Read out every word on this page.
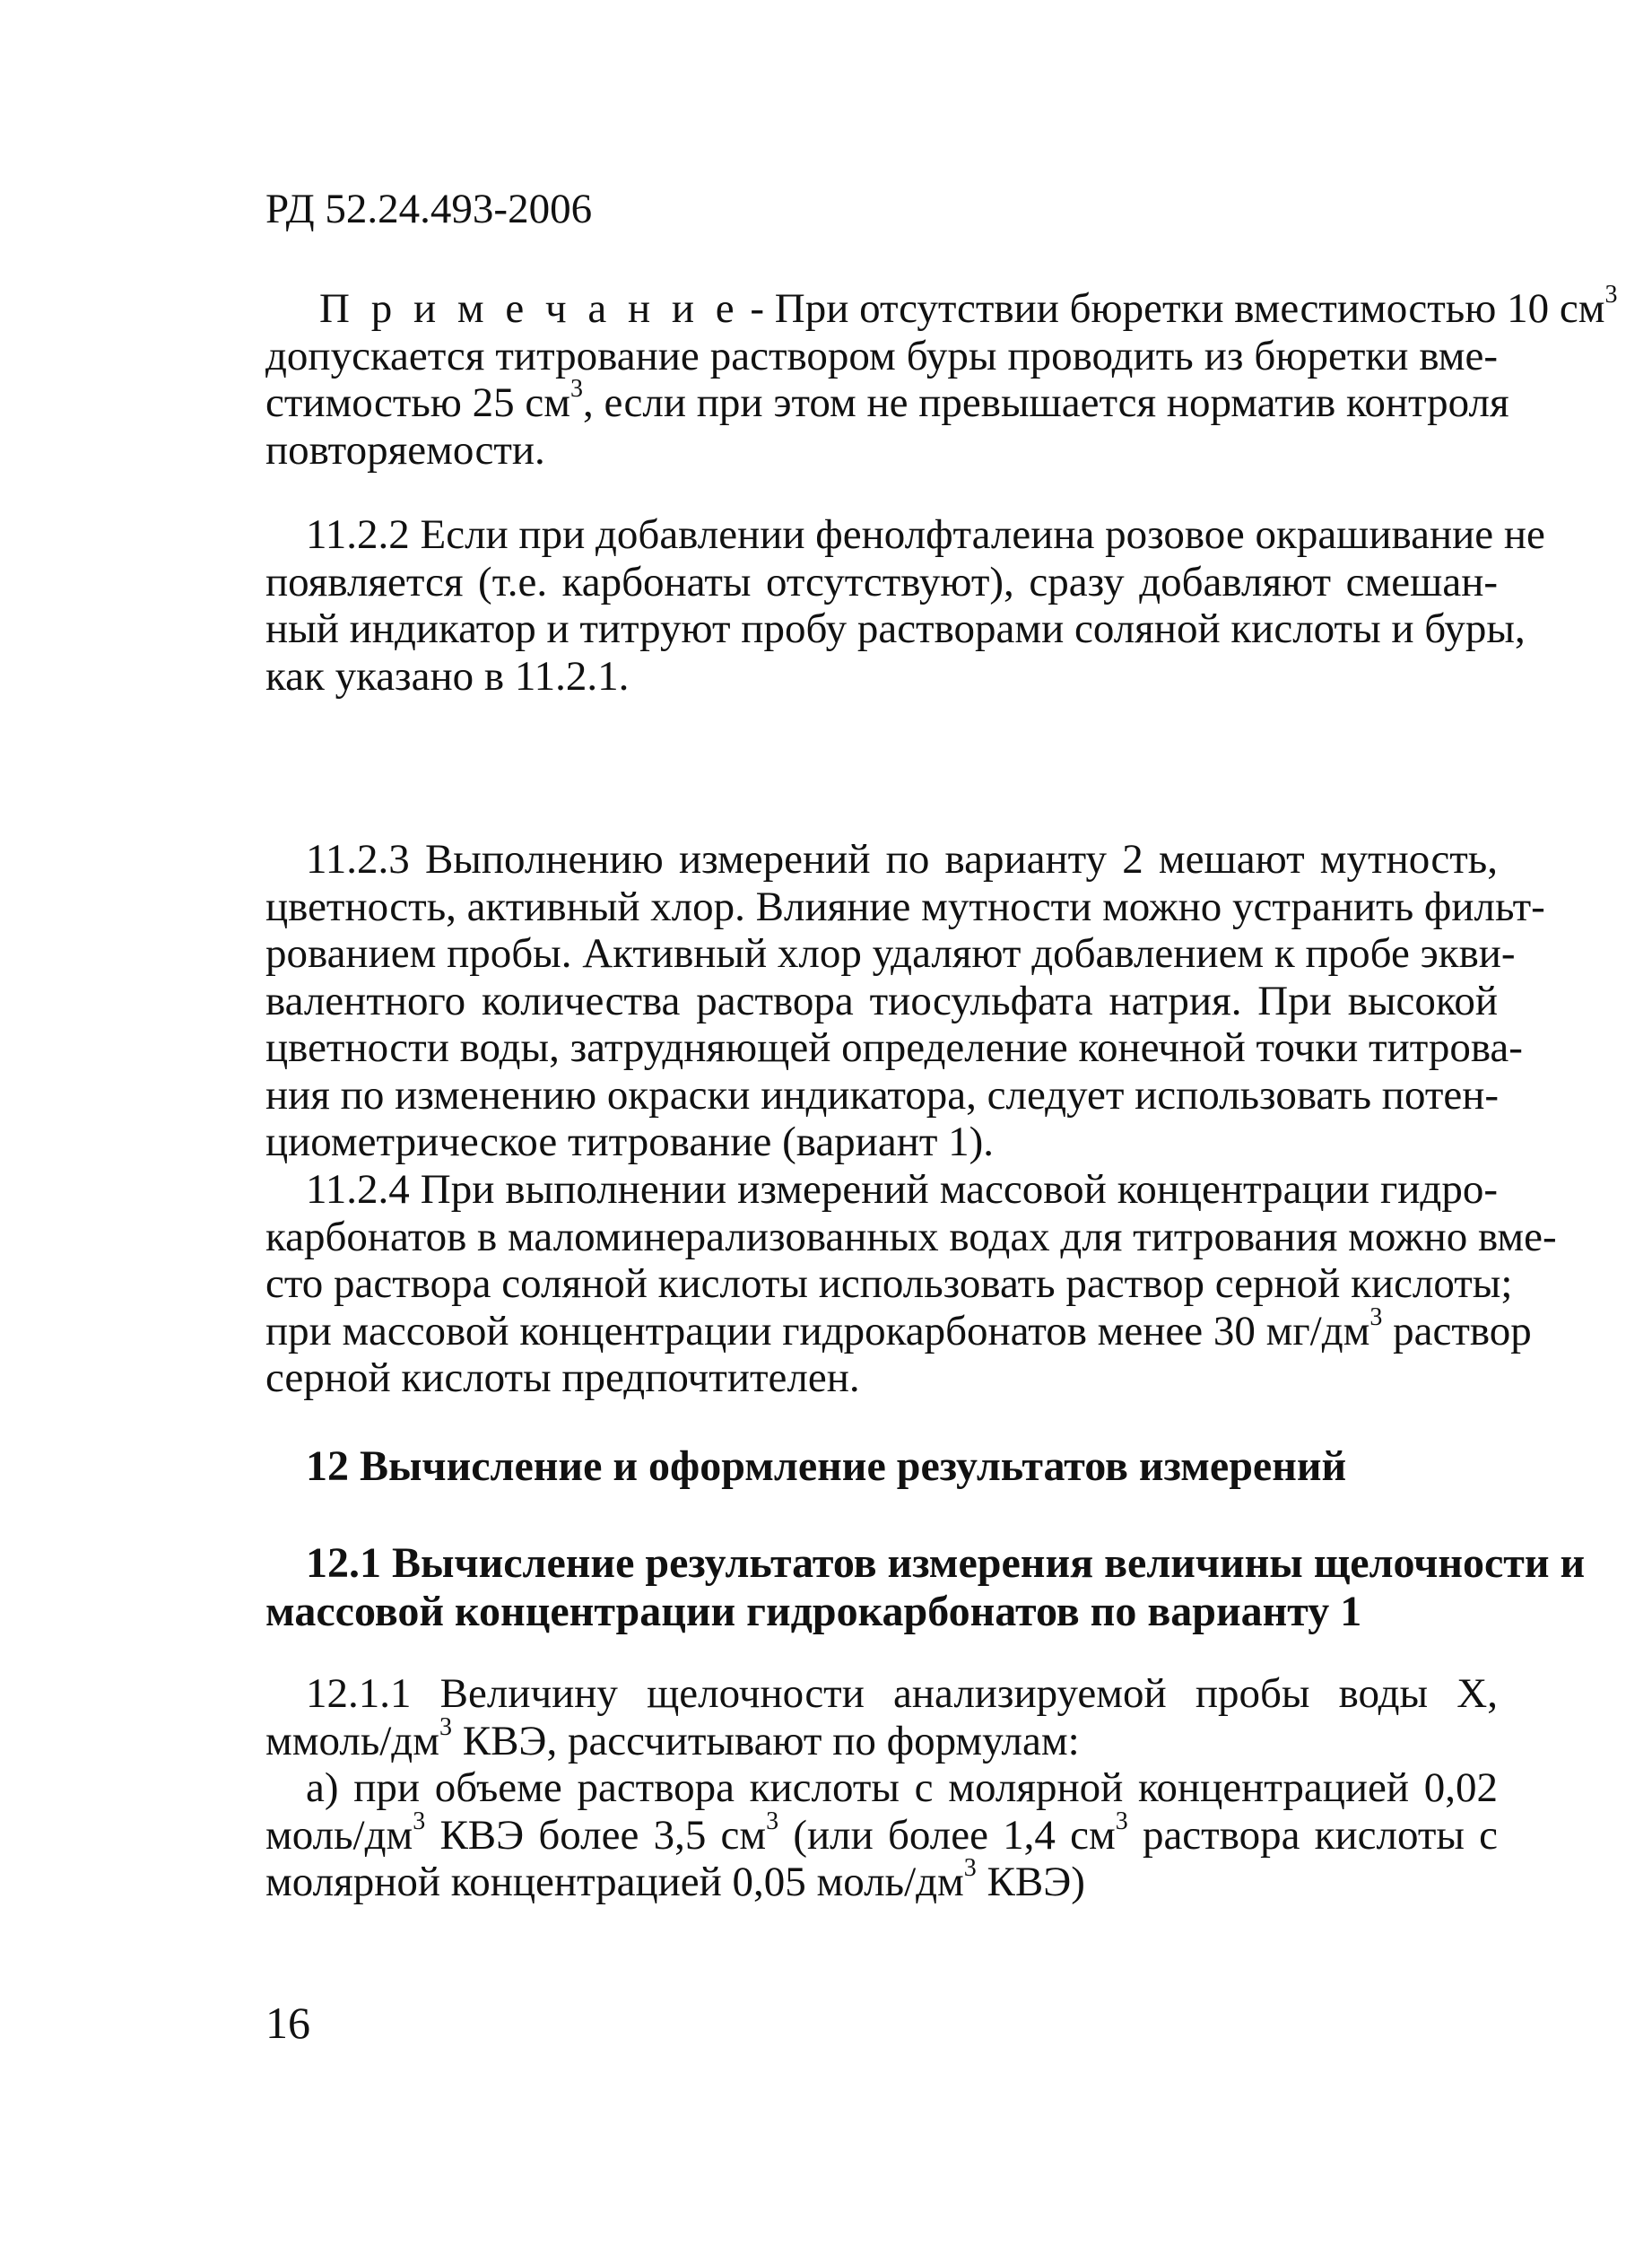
РД 52.24.493-2006

П р и м е ч а н и е - При отсутствии бюретки вместимостью 10 $см^3$
допускается титрование раствором буры проводить из бюретки вме-
стимостью 25 $см^3$, если при этом не превышается норматив контроля
повторяемости.
11.2.2 Если при добавлении фенолфталеина розовое окрашивание не
появляется (т.е. карбонаты отсутствуют), сразу добавляют смешан-
ный индикатор и титруют пробу растворами соляной кислоты и буры,
как указано в 11.2.1.
11.2.3 Выполнению измерений по варианту 2 мешают мутность,
цветность, активный хлор. Влияние мутности можно устранить фильт-
рованием пробы. Активный хлор удаляют добавлением к пробе экви-
валентного количества раствора тиосульфата натрия. При высокой
цветности воды, затрудняющей определение конечной точки титрова-
ния по изменению окраски индикатора, следует использовать потен-
циометрическое титрование (вариант 1).
11.2.4 При выполнении измерений массовой концентрации гидро-
карбонатов в маломинерализованных водах для титрования можно вме-
сто раствора соляной кислоты использовать раствор серной кислоты;
при массовой концентрации гидрокарбонатов менее 30 $мг/дм^3$ раствор
серной кислоты предпочтителен.

12 Вычисление и оформление результатов измерений

12.1 Вычисление результатов измерения величины щелочности и
массовой концентрации гидрокарбонатов по варианту 1
12.1.1 Величину щелочности анализируемой пробы воды X,
ммоль/$дм^3$ КВЭ, рассчитывают по формулам:
а) при объеме раствора кислоты с молярной концентрацией 0,02
моль/$дм^3$ КВЭ более 3,5 $см^3$ (или более 1,4 $см^3$ раствора кислоты с
молярной концентрацией 0,05 моль/$дм^3$ КВЭ)

16
